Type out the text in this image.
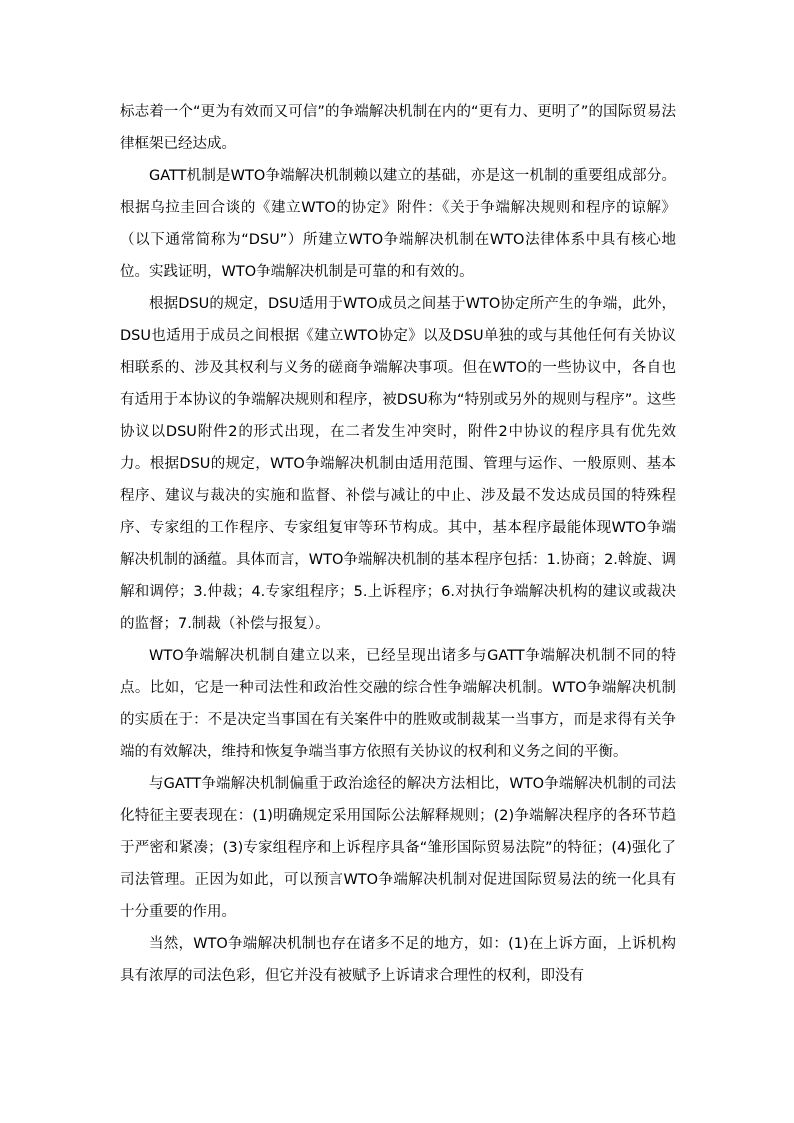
标志着一个“更为有效而又可信”的争端解决机制在内的“更有力、更明了”的国际贸易法律框架已经达成。

GATT机制是WTO争端解决机制赖以建立的基础，亦是这一机制的重要组成部分。根据乌拉圭回合谈的《建立WTO的协定》附件：《关于争端解决规则和程序的谅解》（以下通常简称为“DSU”）所建立WTO争端解决机制在WTO法律体系中具有核心地位。实践证明，WTO争端解决机制是可靠的和有效的。

根据DSU的规定，DSU适用于WTO成员之间基于WTO协定所产生的争端，此外，DSU也适用于成员之间根据《建立WTO协定》以及DSU单独的或与其他任何有关协议相联系的、涉及其权利与义务的磋商争端解决事项。但在WTO的一些协议中，各自也有适用于本协议的争端解决规则和程序，被DSU称为“特别或另外的规则与程序”。这些协议以DSU附件2的形式出现，在二者发生冲突时，附件2中协议的程序具有优先效力。根据DSU的规定，WTO争端解决机制由适用范围、管理与运作、一般原则、基本程序、建议与裁决的实施和监督、补偿与减让的中止、涉及最不发达成员国的特殊程序、专家组的工作程序、专家组复审等环节构成。其中，基本程序最能体现WTO争端解决机制的涵蕴。具体而言，WTO争端解决机制的基本程序包括：1.协商；2.斡旋、调解和调停；3.仲裁；4.专家组程序；5.上诉程序；6.对执行争端解决机构的建议或裁决的监督；7.制裁（补偿与报复）。

WTO争端解决机制自建立以来，已经呈现出诸多与GATT争端解决机制不同的特点。比如，它是一种司法性和政治性交融的综合性争端解决机制。WTO争端解决机制的实质在于：不是决定当事国在有关案件中的胜败或制裁某一当事方，而是求得有关争端的有效解决，维持和恢复争端当事方依照有关协议的权利和义务之间的平衡。

与GATT争端解决机制偏重于政治途径的解决方法相比，WTO争端解决机制的司法化特征主要表现在：(1)明确规定采用国际公法解释规则；(2)争端解决程序的各环节趋于严密和紧凑；(3)专家组程序和上诉程序具备“雏形国际贸易法院”的特征；(4)强化了司法管理。正因为如此，可以预言WTO争端解决机制对促进国际贸易法的统一化具有十分重要的作用。

当然，WTO争端解决机制也存在诸多不足的地方，如：(1)在上诉方面，上诉机构具有浓厚的司法色彩，但它并没有被赋予上诉请求合理性的权利，即没有
